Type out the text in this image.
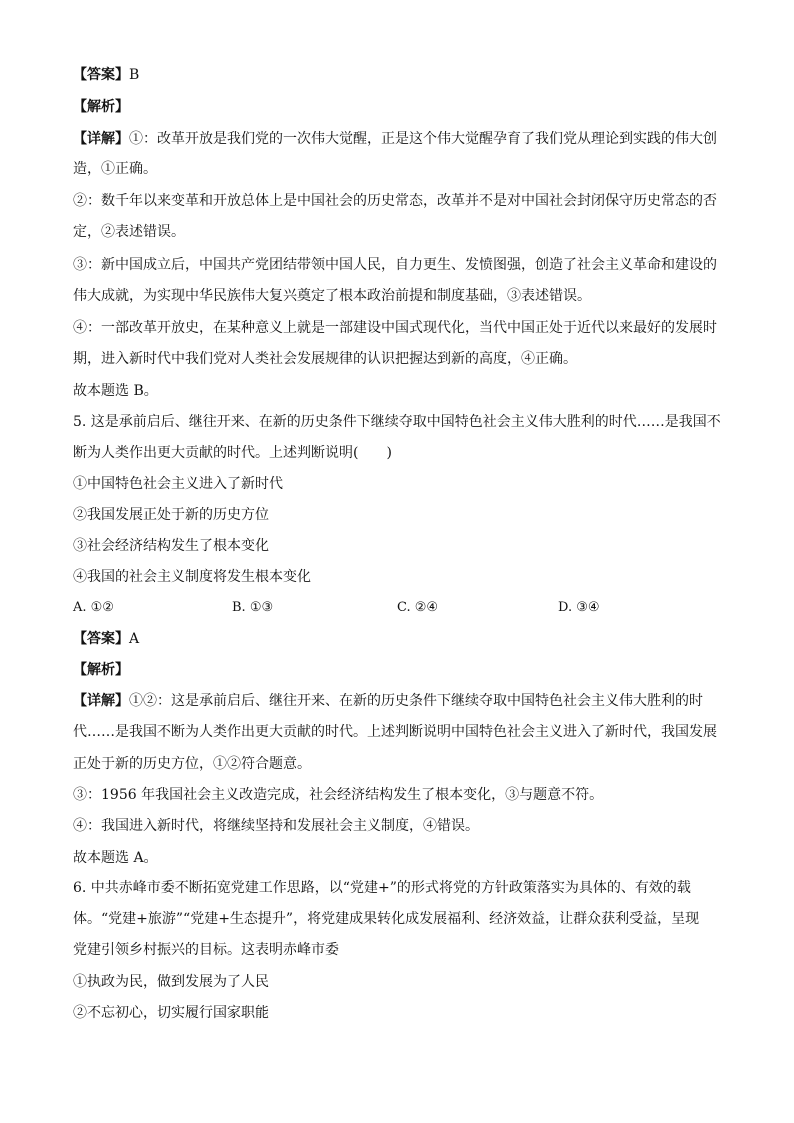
【答案】B
【解析】
【详解】①：改革开放是我们党的一次伟大觉醒，正是这个伟大觉醒孕育了我们党从理论到实践的伟大创
造，①正确。
②：数千年以来变革和开放总体上是中国社会的历史常态，改革并不是对中国社会封闭保守历史常态的否
定，②表述错误。
③：新中国成立后，中国共产党团结带领中国人民，自力更生、发愤图强，创造了社会主义革命和建设的
伟大成就，为实现中华民族伟大复兴奠定了根本政治前提和制度基础，③表述错误。
④：一部改革开放史，在某种意义上就是一部建设中国式现代化，当代中国正处于近代以来最好的发展时
期，进入新时代中我们党对人类社会发展规律的认识把握达到新的高度，④正确。
故本题选 B。
5. 这是承前启后、继往开来、在新的历史条件下继续夺取中国特色社会主义伟大胜利的时代……是我国不
断为人类作出更大贡献的时代。上述判断说明(　　)
①中国特色社会主义进入了新时代
②我国发展正处于新的历史方位
③社会经济结构发生了根本变化
④我国的社会主义制度将发生根本变化
A. ①②	B. ①③	C. ②④	D. ③④
【答案】A
【解析】
【详解】①②：这是承前启后、继往开来、在新的历史条件下继续夺取中国特色社会主义伟大胜利的时
代……是我国不断为人类作出更大贡献的时代。上述判断说明中国特色社会主义进入了新时代，我国发展
正处于新的历史方位，①②符合题意。
③：1956 年我国社会主义改造完成，社会经济结构发生了根本变化，③与题意不符。
④：我国进入新时代，将继续坚持和发展社会主义制度，④错误。
故本题选 A。
6. 中共赤峰市委不断拓宽党建工作思路，以“党建+”的形式将党的方针政策落实为具体的、有效的载
体。“党建+旅游”“党建+生态提升”，将党建成果转化成发展福利、经济效益，让群众获利受益，呈现
党建引领乡村振兴的目标。这表明赤峰市委
①执政为民，做到发展为了人民
②不忘初心，切实履行国家职能
